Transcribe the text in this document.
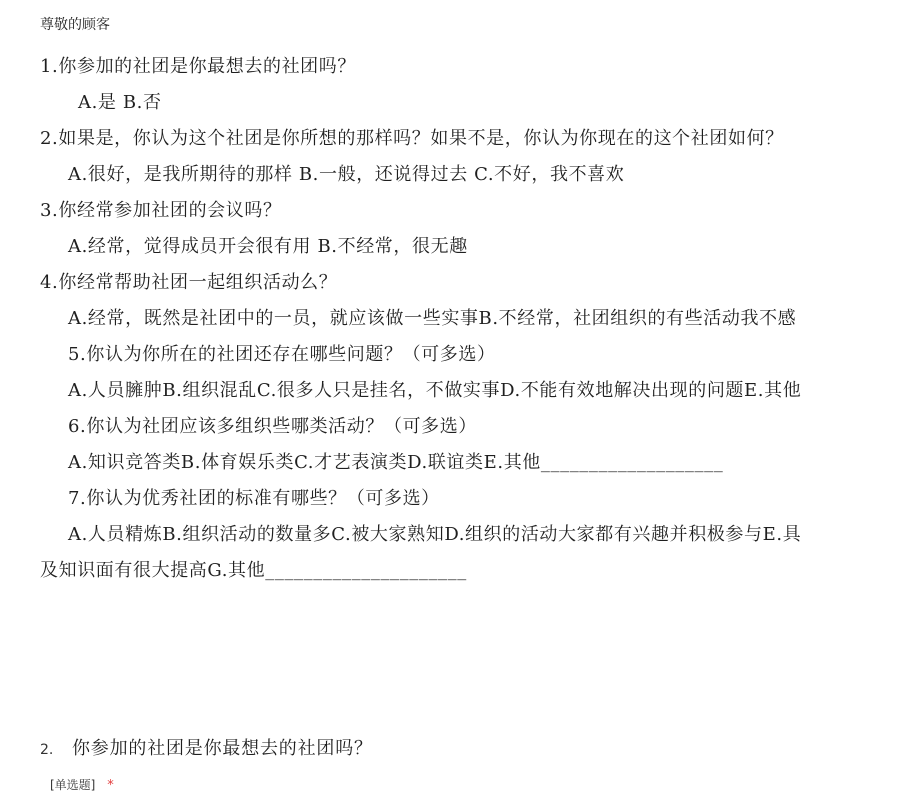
尊敬的顾客
1.你参加的社团是你最想去的社团吗？
A.是 B.否
2.如果是，你认为这个社团是你所想的那样吗？如果不是，你认为你现在的这个社团如何？
A.很好，是我所期待的那样 B.一般，还说得过去 C.不好，我不喜欢
3.你经常参加社团的会议吗？
A.经常，觉得成员开会很有用 B.不经常，很无趣
4.你经常帮助社团一起组织活动么？
A.经常，既然是社团中的一员，就应该做一些实事B.不经常，社团组织的有些活动我不感
5.你认为你所在的社团还存在哪些问题？（可多选）
A.人员臃肿B.组织混乱C.很多人只是挂名，不做实事D.不能有效地解决出现的问题E.其他
6.你认为社团应该多组织些哪类活动？（可多选）
A.知识竞答类B.体育娱乐类C.才艺表演类D.联谊类E.其他___________________
7.你认为优秀社团的标准有哪些？（可多选）
A.人员精炼B.组织活动的数量多C.被大家熟知D.组织的活动大家都有兴趣并积极参与E.具
及知识面有很大提高G.其他_____________________
2.	你参加的社团是你最想去的社团吗？
[单选题] *
